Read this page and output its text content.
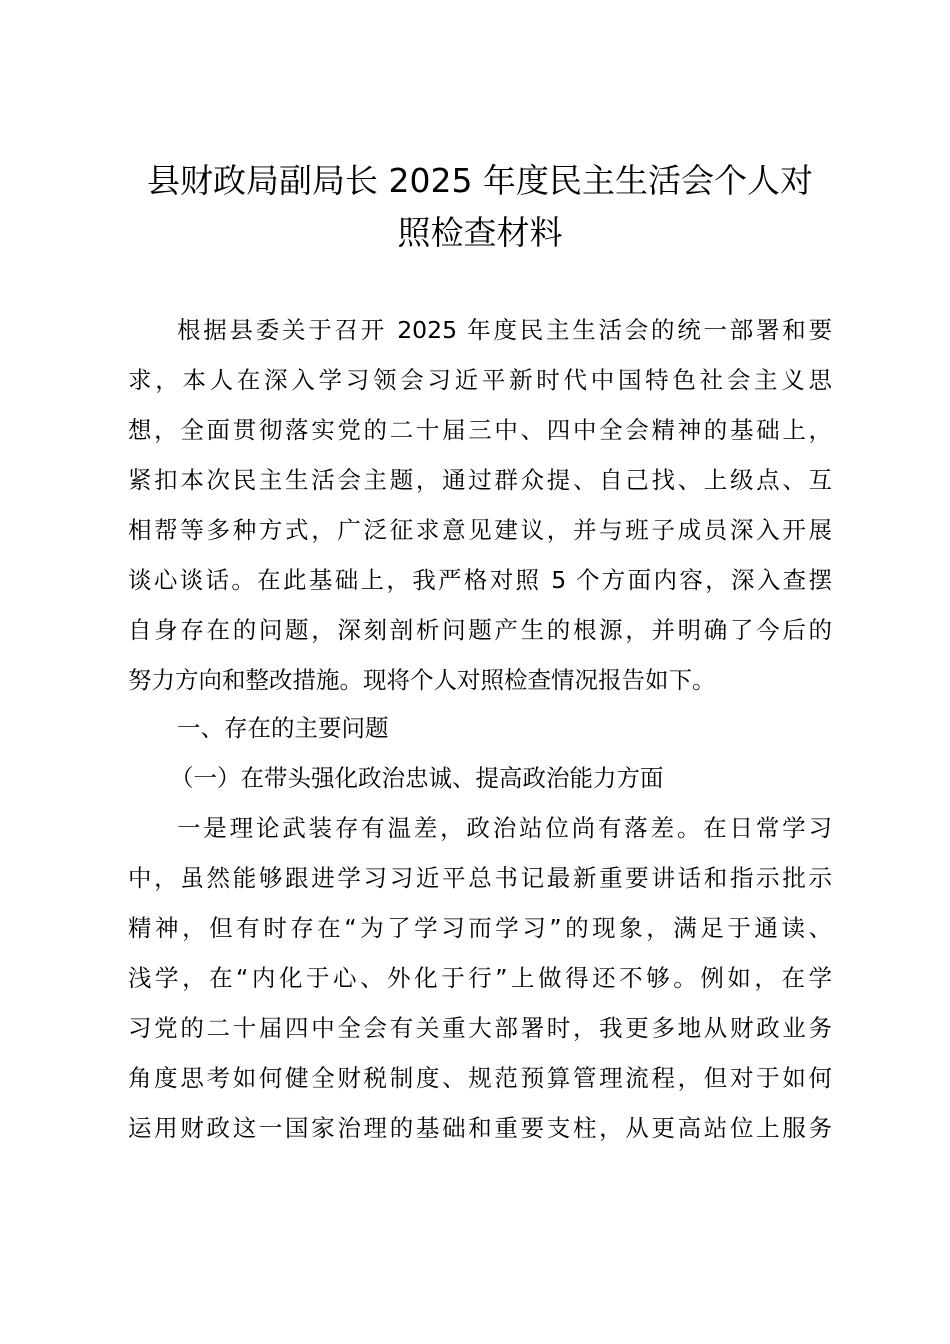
县财政局副局长 2025 年度民主生活会个人对
照检查材料
根据县委关于召开 2025 年度民主生活会的统一部署和要
求，本人在深入学习领会习近平新时代中国特色社会主义思
想，全面贯彻落实党的二十届三中、四中全会精神的基础上，
紧扣本次民主生活会主题，通过群众提、自己找、上级点、互
相帮等多种方式，广泛征求意见建议，并与班子成员深入开展
谈心谈话。在此基础上，我严格对照 5 个方面内容，深入查摆
自身存在的问题，深刻剖析问题产生的根源，并明确了今后的
努力方向和整改措施。现将个人对照检查情况报告如下。
一、存在的主要问题
（一）在带头强化政治忠诚、提高政治能力方面
一是理论武装存有温差，政治站位尚有落差。在日常学习
中，虽然能够跟进学习习近平总书记最新重要讲话和指示批示
精神，但有时存在“为了学习而学习”的现象，满足于通读、
浅学，在“内化于心、外化于行”上做得还不够。例如，在学
习党的二十届四中全会有关重大部署时，我更多地从财政业务
角度思考如何健全财税制度、规范预算管理流程，但对于如何
运用财政这一国家治理的基础和重要支柱，从更高站位上服务
